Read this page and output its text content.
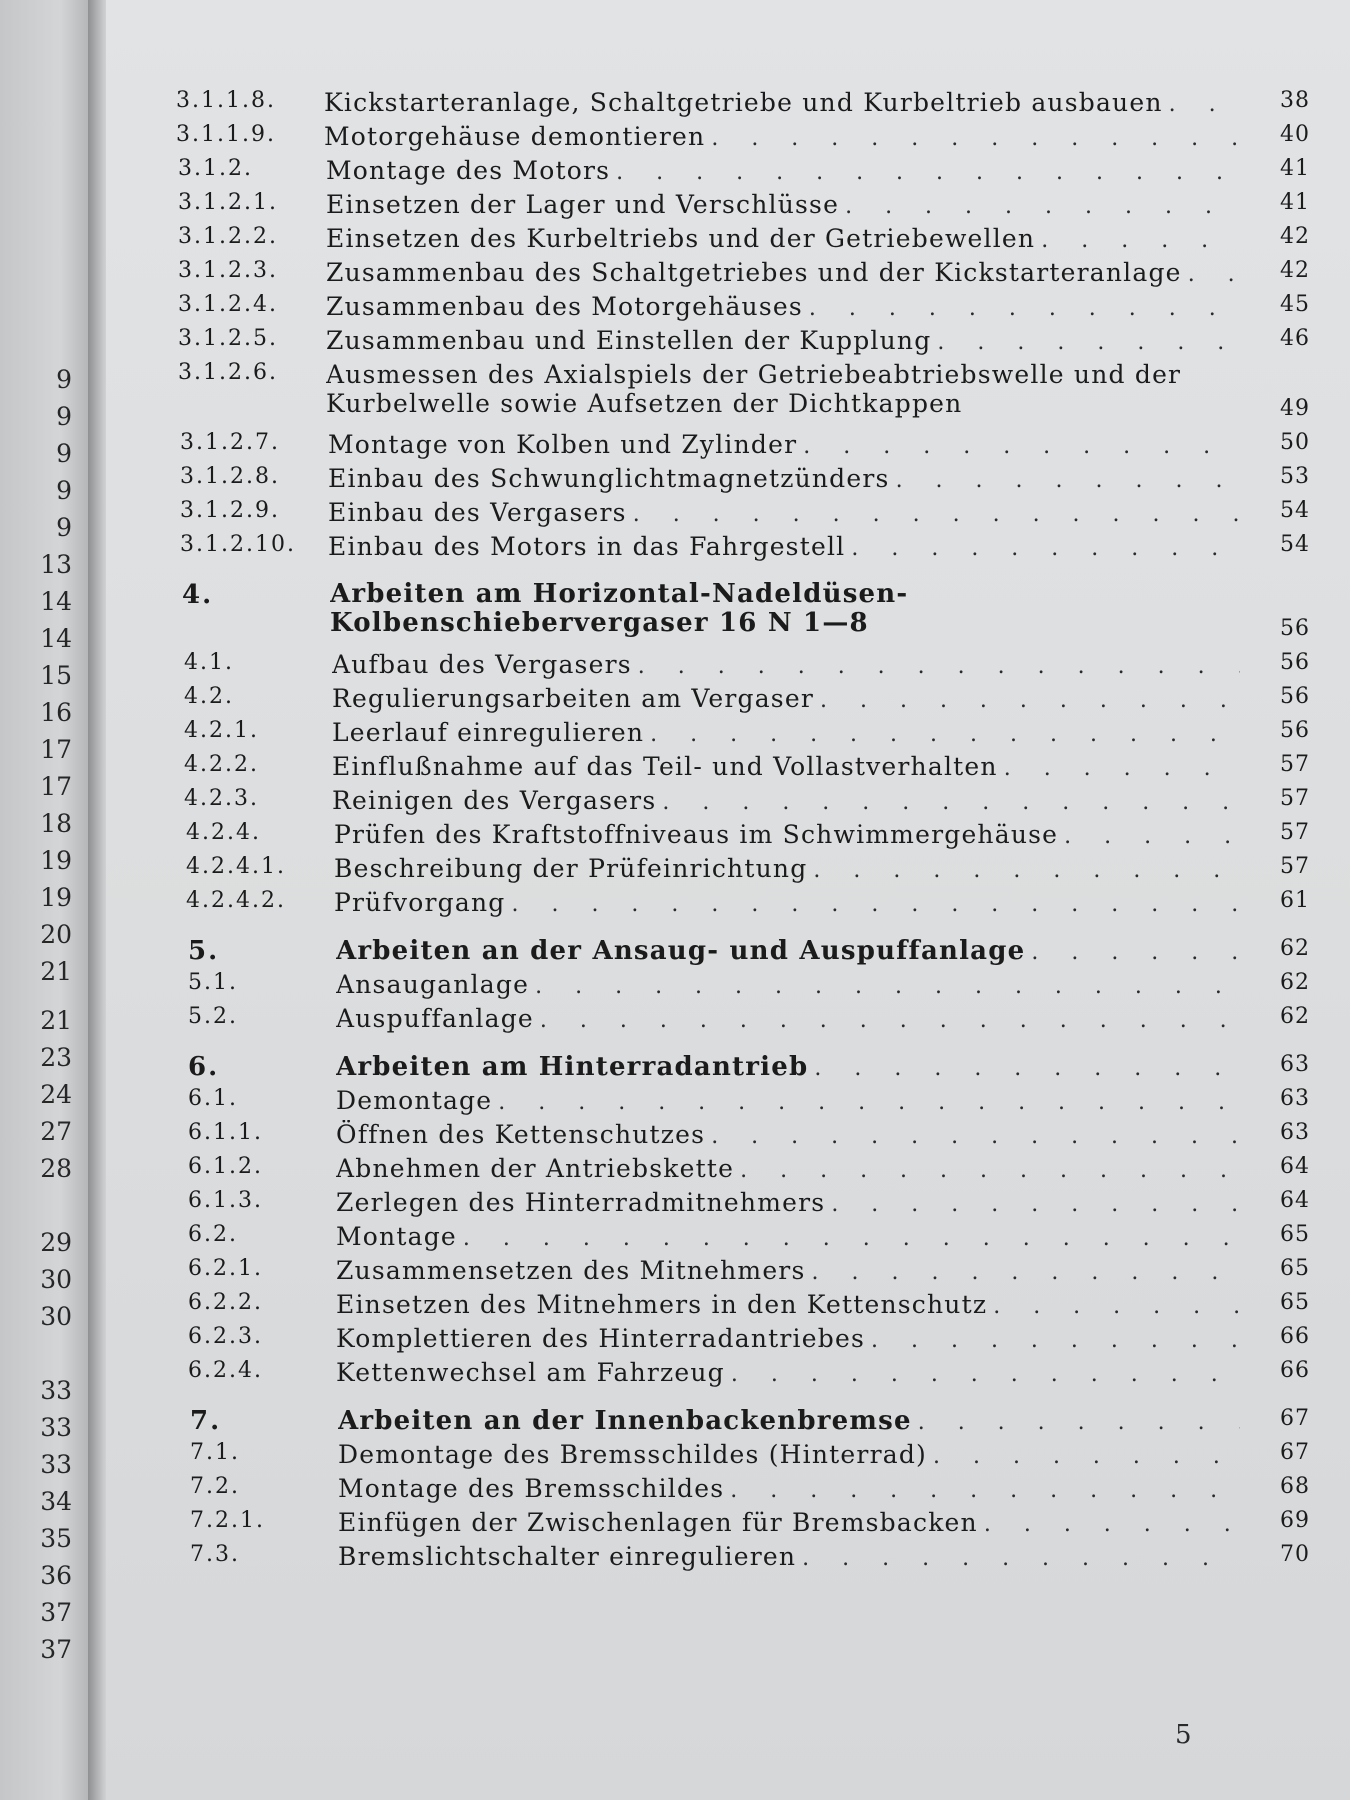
9
9
9
9
9
13
14
14
15
16
17
17
18
19
19
20
21
21
23
24
27
28
29
30
30
33
33
33
34
35
36
37
37
3.1.1.8. Kickstarteranlage, Schaltgetriebe und Kurbeltrieb ausbauen . . .	38
3.1.1.9. Motorgehäuse demontieren . . .	40
3.1.2.	Montage des Motors . . .	41
3.1.2.1. Einsetzen der Lager und Verschlüsse . . .	41
3.1.2.2. Einsetzen des Kurbeltriebs und der Getriebewellen . . .	42
3.1.2.3. Zusammenbau des Schaltgetriebes und der Kickstarteranlage . . .	42
3.1.2.4. Zusammenbau des Motorgehäuses . . .	45
3.1.2.5. Zusammenbau und Einstellen der Kupplung . . .	46
3.1.2.6. Ausmessen des Axialspiels der Getriebeabtriebswelle und der Kurbelwelle sowie Aufsetzen der Dichtkappen	49
3.1.2.7. Montage von Kolben und Zylinder . . .	50
3.1.2.8. Einbau des Schwunglichtmagnetzünders . . .	53
3.1.2.9. Einbau des Vergasers . . .	54
3.1.2.10. Einbau des Motors in das Fahrgestell . . .	54
4.	Arbeiten am Horizontal-Nadeldüsen-Kolbenschiebervergaser 16 N 1—8	56
4.1.	Aufbau des Vergasers . . .	56
4.2.	Regulierungsarbeiten am Vergaser . . .	56
4.2.1.	Leerlauf einregulieren . . .	56
4.2.2.	Einflußnahme auf das Teil- und Vollastverhalten . . .	57
4.2.3.	Reinigen des Vergasers . . .	57
4.2.4.	Prüfen des Kraftstoffniveaus im Schwimmergehäuse . . .	57
4.2.4.1. Beschreibung der Prüfeinrichtung . . .	57
4.2.4.2. Prüfvorgang . . .	61
5.	Arbeiten an der Ansaug- und Auspuffanlage . . .	62
5.1.	Ansauganlage . . .	62
5.2.	Auspuffanlage . . .	62
6.	Arbeiten am Hinterradantrieb . . .	63
6.1.	Demontage . . .	63
6.1.1.	Öffnen des Kettenschutzes . . .	63
6.1.2.	Abnehmen der Antriebskette . . .	64
6.1.3.	Zerlegen des Hinterradmitnehmers . . .	64
6.2.	Montage . . .	65
6.2.1.	Zusammensetzen des Mitnehmers . . .	65
6.2.2.	Einsetzen des Mitnehmers in den Kettenschutz . . .	65
6.2.3.	Komplettieren des Hinterradantriebes . . .	66
6.2.4.	Kettenwechsel am Fahrzeug . . .	66
7.	Arbeiten an der Innenbackenbremse . . .	67
7.1.	Demontage des Bremsschildes (Hinterrad) . . .	67
7.2.	Montage des Bremsschildes . . .	68
7.2.1.	Einfügen der Zwischenlagen für Bremsbacken . . .	69
7.3.	Bremslichtschalter einregulieren . . .	70
5
